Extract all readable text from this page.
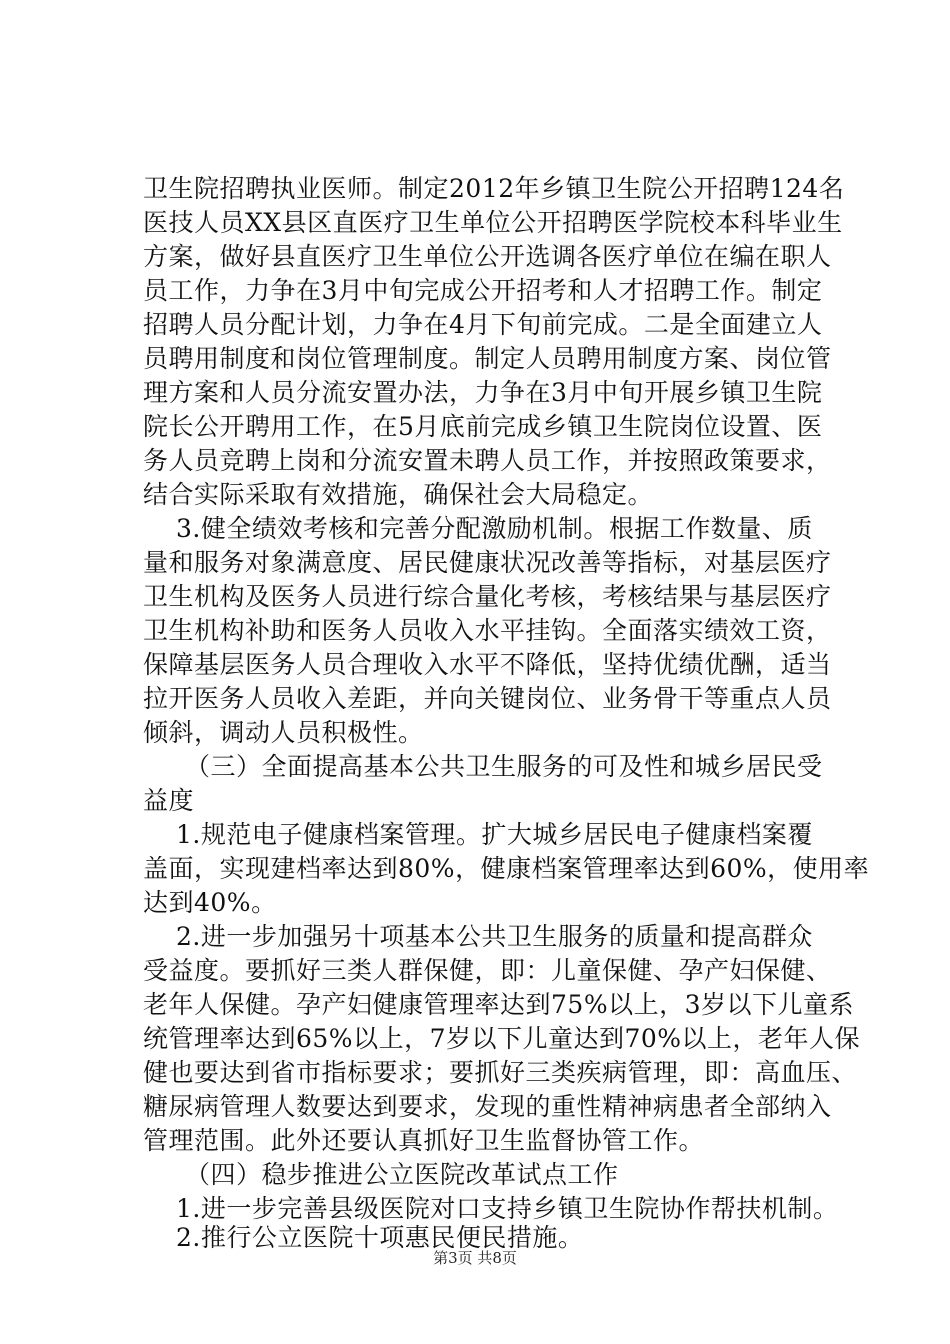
卫生院招聘执业医师。制定2012年乡镇卫生院公开招聘124名
医技人员XX县区直医疗卫生单位公开招聘医学院校本科毕业生
方案，做好县直医疗卫生单位公开选调各医疗单位在编在职人
员工作，力争在3月中旬完成公开招考和人才招聘工作。制定
招聘人员分配计划，力争在4月下旬前完成。二是全面建立人
员聘用制度和岗位管理制度。制定人员聘用制度方案、岗位管
理方案和人员分流安置办法，力争在3月中旬开展乡镇卫生院
院长公开聘用工作，在5月底前完成乡镇卫生院岗位设置、医
务人员竞聘上岗和分流安置未聘人员工作，并按照政策要求，
结合实际采取有效措施，确保社会大局稳定。
3.健全绩效考核和完善分配激励机制。根据工作数量、质
量和服务对象满意度、居民健康状况改善等指标，对基层医疗
卫生机构及医务人员进行综合量化考核，考核结果与基层医疗
卫生机构补助和医务人员收入水平挂钩。全面落实绩效工资，
保障基层医务人员合理收入水平不降低，坚持优绩优酬，适当
拉开医务人员收入差距，并向关键岗位、业务骨干等重点人员
倾斜，调动人员积极性。
（三）全面提高基本公共卫生服务的可及性和城乡居民受
益度
1.规范电子健康档案管理。扩大城乡居民电子健康档案覆
盖面，实现建档率达到80%，健康档案管理率达到60%，使用率
达到40%。
2.进一步加强另十项基本公共卫生服务的质量和提高群众
受益度。要抓好三类人群保健，即：儿童保健、孕产妇保健、
老年人保健。孕产妇健康管理率达到75%以上，3岁以下儿童系
统管理率达到65%以上，7岁以下儿童达到70%以上，老年人保
健也要达到省市指标要求；要抓好三类疾病管理，即：高血压、
糖尿病管理人数要达到要求，发现的重性精神病患者全部纳入
管理范围。此外还要认真抓好卫生监督协管工作。
（四）稳步推进公立医院改革试点工作
1.进一步完善县级医院对口支持乡镇卫生院协作帮扶机制。
2.推行公立医院十项惠民便民措施。
第3页 共8页
